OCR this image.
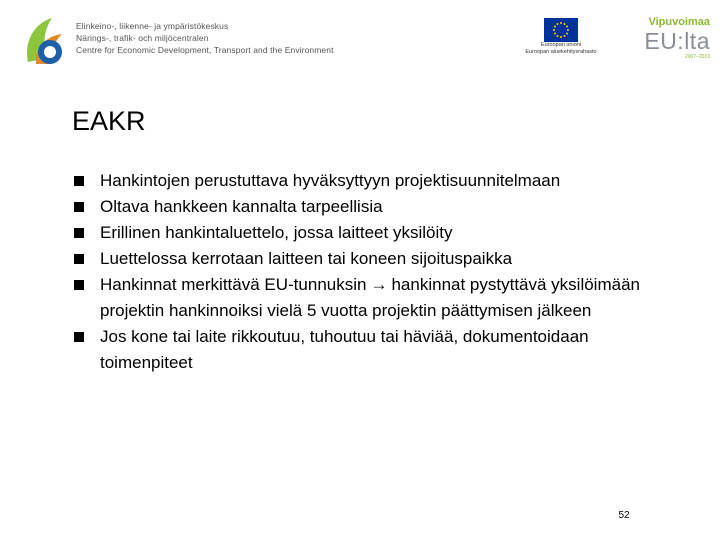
Elinkeino-, liikenne- ja ympäristökeskus
Närings-, trafik- och miljöcentralen
Centre for Economic Development, Transport and the Environment	Euroopan unioni
Euroopan aluekehitysrahasto
Vipuvoimaa
EU:lta
2007–2013
EAKR
Hankintojen perustuttava hyväksyttyyn projektisuunnitelmaan
Oltava hankkeen kannalta tarpeellisia
Erillinen hankintaluettelo, jossa laitteet yksilöity
Luettelossa kerrotaan laitteen tai koneen sijoituspaikka
Hankinnat merkittävä EU-tunnuksin → hankinnat pystyttävä yksilöimään projektin hankinnoiksi vielä 5 vuotta projektin päättymisen jälkeen
Jos kone tai laite rikkoutuu, tuhoutuu tai häviää, dokumentoidaan toimenpiteet
52
